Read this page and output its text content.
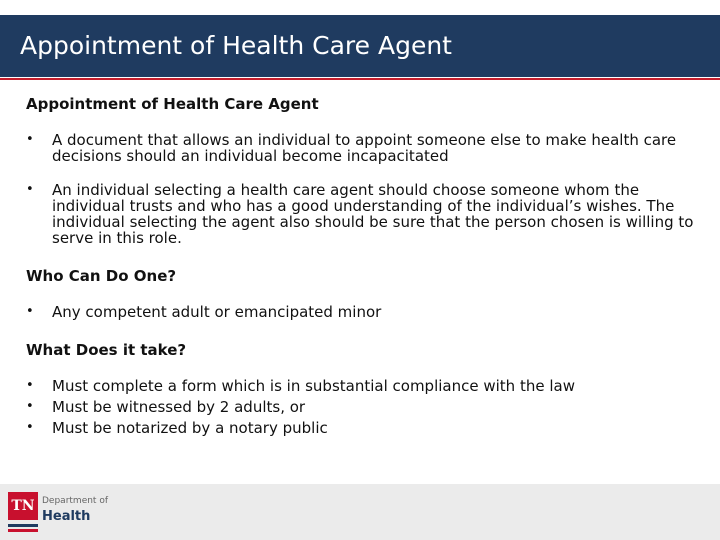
Appointment of Health Care Agent
Appointment of Health Care Agent
• A document that allows an individual to appoint someone else to make health care decisions should an individual become incapacitated
• An individual selecting a health care agent should choose someone whom the individual trusts and who has a good understanding of the individual’s wishes. The individual selecting the agent also should be sure that the person chosen is willing to serve in this role.
Who Can Do One?
• Any competent adult or emancipated minor
What Does it take?
• Must complete a form which is in substantial compliance with the law
• Must be witnessed by 2 adults, or
• Must be notarized by a notary public
TN Department of
Health
